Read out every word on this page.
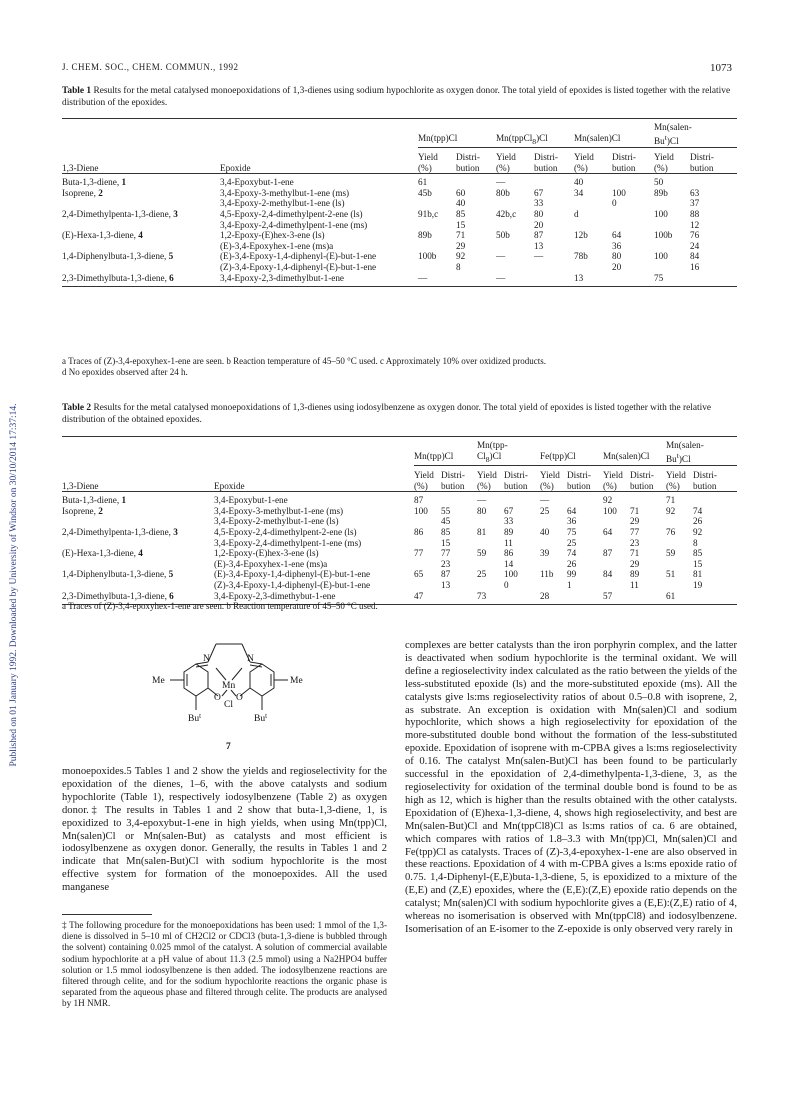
J. CHEM. SOC., CHEM. COMMUN., 1992	1073
Published on 01 January 1992. Downloaded by University of Windsor on 30/10/2014 17:37:14.
Table 1 Results for the metal catalysed monoepoxidations of 1,3-dienes using sodium hypochlorite as oxygen donor. The total yield of epoxides is listed together with the relative distribution of the epoxides.
								Mn(salen-	
		Mn(tpp)Cl		Mn(tppCl$_8$)Cl		Mn(salen)Cl		Bu$^t$)Cl	

		Yield	Distri-	Yield	Distri-	Yield	Distri-	Yield	Distri-
1,3-Diene	Epoxide	(%)	bution	(%)	bution	(%)	bution	(%)	bution
Buta-1,3-diene, 1	3,4-Epoxybut-1-ene	61		—		40		50	
Isoprene, 2	3,4-Epoxy-3-methylbut-1-ene (ms)	45b	60	80b	67	34	100	89b	63
	3,4-Epoxy-2-methylbut-1-ene (ls)		40		33		0		37
2,4-Dimethylpenta-1,3-diene, 3	4,5-Epoxy-2,4-dimethylpent-2-ene (ls)	91b,c	85	42b,c	80	d		100	88
	3,4-Epoxy-2,4-dimethylpent-1-ene (ms)		15		20				12
(E)-Hexa-1,3-diene, 4	1,2-Epoxy-(E)hex-3-ene (ls)	89b	71	50b	87	12b	64	100b	76
	(E)-3,4-Epoxyhex-1-ene (ms)a		29		13		36		24
1,4-Diphenylbuta-1,3-diene, 5	(E)-3,4-Epoxy-1,4-diphenyl-(E)-but-1-ene	100b	92	—	—	78b	80	100	84
	(Z)-3,4-Epoxy-1,4-diphenyl-(E)-but-1-ene		8				20		16
2,3-Dimethylbuta-1,3-diene, 6	3,4-Epoxy-2,3-dimethylbut-1-ene	—		—		13		75	
a Traces of (Z)-3,4-epoxyhex-1-ene are seen. b Reaction temperature of 45–50 °C used. c Approximately 10% over oxidized products.
d No epoxides observed after 24 h.
Table 2 Results for the metal catalysed monoepoxidations of 1,3-dienes using iodosylbenzene as oxygen donor. The total yield of epoxides is listed together with the relative distribution of the obtained epoxides.
				Mn(tpp-						Mn(salen-	
		Mn(tpp)Cl		$Cl_8)Cl$		Fe(tpp)Cl		Mn(salen)Cl		Bu$^t$)Cl	

		Yield	Distri-	Yield	Distri-	Yield	Distri-	Yield	Distri-	Yield	Distri-
1,3-Diene	Epoxide	(%)	bution	(%)	bution	(%)	bution	(%)	bution	(%)	bution
Buta-1,3-diene, 1	3,4-Epoxybut-1-ene	87		—		—		92		71	
Isoprene, 2	3,4-Epoxy-3-methylbut-1-ene (ms)	100	55	80	67	25	64	100	71	92	74
	3,4-Epoxy-2-methylbut-1-ene (ls)		45		33		36		29		26
2,4-Dimethylpenta-1,3-diene, 3	4,5-Epoxy-2,4-dimethylpent-2-ene (ls)	86	85	81	89	40	75	64	77	76	92
	3,4-Epoxy-2,4-dimethylpent-1-ene (ms)		15		11		25		23		8
(E)-Hexa-1,3-diene, 4	1,2-Epoxy-(E)hex-3-ene (ls)	77	77	59	86	39	74	87	71	59	85
	(E)-3,4-Epoxyhex-1-ene (ms)a		23		14		26		29		15
1,4-Diphenylbuta-1,3-diene, 5	(E)-3,4-Epoxy-1,4-diphenyl-(E)-but-1-ene	65	87	25	100	11b	99	84	89	51	81
	(Z)-3,4-Epoxy-1,4-diphenyl-(E)-but-1-ene		13		0		1		11		19
2,3-Dimethylbuta-1,3-diene, 6	3,4-Epoxy-2,3-dimethybut-1-ene	47		73		28		57		61	
a Traces of (Z)-3,4-epoxyhex-1-ene are seen. b Reaction temperature of 45–50 °C used.
N	N
Mn
O O
Cl
Me	Me
Bu$^t$	Bu$^t$
7
monoepoxides.5 Tables 1 and 2 show the yields and regioselectivity for the epoxidation of the dienes, 1–6, with the above catalysts and sodium hypochlorite (Table 1), respectively iodosylbenzene (Table 2) as oxygen donor.‡ The results in Tables 1 and 2 show that buta-1,3-diene, 1, is epoxidized to 3,4-epoxybut-1-ene in high yields, when using Mn(tpp)Cl, Mn(salen)Cl or Mn(salen-But) as catalysts and most efficient is iodosylbenzene as oxygen donor. Generally, the results in Tables 1 and 2 indicate that Mn(salen-But)Cl with sodium hypochlorite is the most effective system for formation of the monoepoxides. All the used manganese
‡ The following procedure for the monoepoxidations has been used: 1 mmol of the 1,3-diene is dissolved in 5–10 ml of CH2Cl2 or CDCl3 (buta-1,3-diene is bubbled through the solvent) containing 0.025 mmol of the catalyst. A solution of commercial available sodium hypochlorite at a pH value of about 11.3 (2.5 mmol) using a Na2HPO4 buffer solution or 1.5 mmol iodosylbenzene is then added. The iodosylbenzene reactions are filtered through celite, and for the sodium hypochlorite reactions the organic phase is separated from the aqueous phase and filtered through celite. The products are analysed by 1H NMR.
complexes are better catalysts than the iron porphyrin complex, and the latter is deactivated when sodium hypochlorite is the terminal oxidant. We will define a regioselectivity index calculated as the ratio between the yields of the less-substituted epoxide (ls) and the more-substituted epoxide (ms). All the catalysts give ls:ms regioselectivity ratios of about 0.5–0.8 with isoprene, 2, as substrate. An exception is oxidation with Mn(salen)Cl and sodium hypochlorite, which shows a high regioselectivity for epoxidation of the more-substituted double bond without the formation of the less-substituted epoxide. Epoxidation of isoprene with m-CPBA gives a ls:ms regioselectivity of 0.16. The catalyst Mn(salen-But)Cl has been found to be particularly successful in the epoxidation of 2,4-dimethylpenta-1,3-diene, 3, as the regioselectivity for oxidation of the terminal double bond is found to be as high as 12, which is higher than the results obtained with the other catalysts. Epoxidation of (E)hexa-1,3-diene, 4, shows high regioselectivity, and best are Mn(salen-But)Cl and Mn(tppCl8)Cl as ls:ms ratios of ca. 6 are obtained, which compares with ratios of 1.8–3.3 with Mn(tpp)Cl, Mn(salen)Cl and Fe(tpp)Cl as catalysts. Traces of (Z)-3,4-epoxyhex-1-ene are also observed in these reactions. Epoxidation of 4 with m-CPBA gives a ls:ms epoxide ratio of 0.75. 1,4-Diphenyl-(E,E)buta-1,3-diene, 5, is epoxidized to a mixture of the (E,E) and (Z,E) epoxides, where the (E,E):(Z,E) epoxide ratio depends on the catalyst; Mn(salen)Cl with sodium hypochlorite gives a (E,E):(Z,E) ratio of 4, whereas no isomerisation is observed with Mn(tppCl8) and iodosylbenzene. Isomerisation of an E-isomer to the Z-epoxide is only observed very rarely in
